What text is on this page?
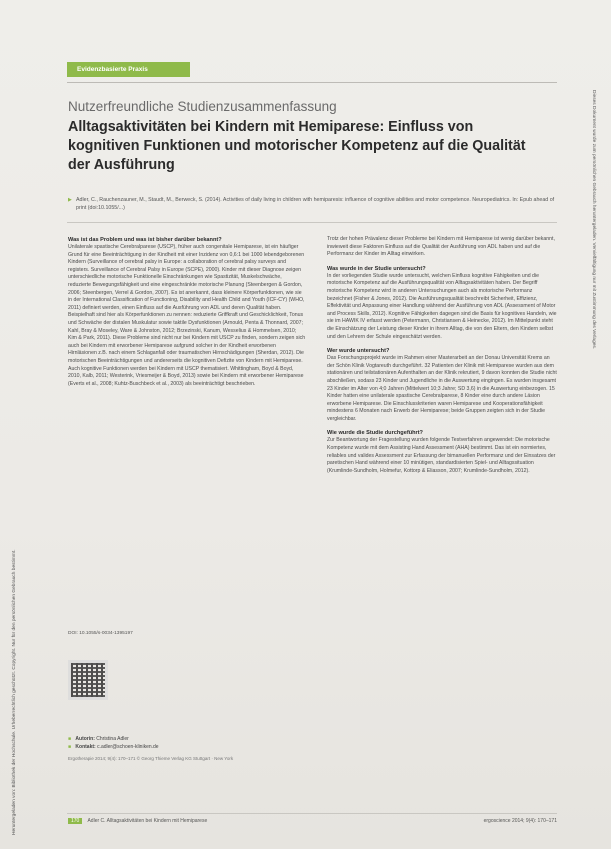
Evidenzbasierte Praxis
Nutzerfreundliche Studienzusammenfassung
Alltagsaktivitäten bei Kindern mit Hemiparese: Einfluss von kognitiven Funktionen und motorischer Kompetenz auf die Qualität der Ausführung
▶ Adler, C., Rauchenzauner, M., Staudt, M., Berweck, S. (2014). Activities of daily living in children with hemiparesis: influence of cognitive abilities and motor competence. Neuropediatrics. In: Epub ahead of print (doi:10.1055/...)
Was ist das Problem und was ist bisher darüber bekannt?

Unilaterale spastische Cerebralparese (USCP), früher auch congenitale Hemiparese, ist ein häufiger Grund für eine Beeinträchtigung in der Kindheit mit einer Inzidenz von 0,6:1 bei 1000 lebendgeborenen Kindern (Surveillance of cerebral palsy in Europe: a collaboration of cerebral palsy surveys and registers. Surveillance of Cerebral Palsy in Europe (SCPE), 2000). Kinder mit dieser Diagnose zeigen unterschiedliche motorische Funktionelle Einschränkungen wie Spastizität, Muskelschwäche, reduzierte Bewegungsfähigkeit und eine eingeschränkte motorische Planung (Steenbergen & Gordon, 2006; Steenbergen, Verrel & Gordon, 2007). Es ist anerkannt, dass kleinere Körperfunktionen, wie sie in der International Classification of Functioning, Disability and Health Child and Youth (ICF-CY) (WHO, 2011) definiert werden, einen Einfluss auf die Ausführung von ADL und deren Qualität haben. Beispielhaft sind hier als Körperfunktionen zu nennen: reduzierte Griffkraft und Geschicklichkeit, Tonus und Schwäche der distalen Muskulatur sowie taktile Dysfunktionen (Arnould, Penta & Thonnard, 2007; Kahl, Bray & Moseley, Ware & Johnston, 2012; Brzezinski, Kanum, Wesselius & Hommelsen, 2010; Kim & Park, 2011). Diese Probleme sind nicht nur bei Kindern mit USCP zu finden, sondern zeigen sich auch bei Kindern mit erworbener Hemiparese aufgrund solcher in der Kindheit erworbenen Hirnläsionen z.B. nach einem Schlaganfall oder traumatischen Hirnschädigungen (Sherdan, 2012). Die motorischen Beeinträchtigungen und andererseits die kognitiven Defizite von Kindern mit Hemiparese. Auch kognitive Funktionen werden bei Kindern mit USCP thematisiert. Whittingham, Boyd & Boyd, 2010, Kalb, 2011; Westerink, Vriesmeijer & Boyd, 2013) sowie bei Kindern mit erworbener Hemiparese (Everts et al., 2008; Kuhtz-Buschbeck et al., 2003) als beeinträchtigt beschrieben.

Trotz der hohen Prävalenz dieser Probleme bei Kindern mit Hemiparese ist wenig darüber bekannt, inwieweit diese Faktoren Einfluss auf die Qualität der Ausführung von ADL haben und auf die Performanz der Kinder im Alltag einwirken.

Was wurde in der Studie untersucht?

In der vorliegenden Studie wurde untersucht, welchen Einfluss kognitive Fähigkeiten und die motorische Kompetenz auf die Ausführungsqualität von Alltagsaktivitäten haben. Der Begriff motorische Kompetenz wird in anderen Untersuchungen auch als motorische Performanz bezeichnet (Fisher & Jones, 2012). Die Ausführungsqualität beschreibt Sicherheit, Effizienz, Effektivität und Anpassung einer Handlung während der Ausführung von ADL (Assessment of Motor and Process Skills, 2012). Kognitive Fähigkeiten dagegen sind die Basis für kognitives Handeln, wie sie im HAWIK IV erfasst werden (Petermann, Christiansen & Heinecke, 2012). Im Mittelpunkt steht die Einschätzung der Leistung dieser Kinder in ihrem Alltag, die von den Eltern, den Kindern selbst und den Lehrern der Schule eingeschätzt werden.

Wer wurde untersucht?

Das Forschungsprojekt wurde im Rahmen einer Masterarbeit an der Donau Universität Krems an der Schön Klinik Vogtareuth durchgeführt. 32 Patienten der Klinik mit Hemiparese wurden aus dem stationären und teilstationären Aufenthalten an der Klinik rekrutiert, 9 davon konnten die Studie nicht abschließen, sodass 23 Kinder und Jugendliche in die Auswertung eingingen. Es wurden insgesamt 23 Kinder im Alter von 4;0 Jahren (Mittelwert 10;3 Jahre; SD 3,6) in die Auswertung einbezogen. 15 Kinder hatten eine unilaterale spastische Cerebralparese, 8 Kinder eine durch andere Läsion erworbene Hemiparese. Die Einschlusskriterien waren Hemiparese und Kooperationsfähigkeit mindestens 6 Monaten nach Erwerb der Hemiparese; beide Gruppen zeigten sich in der Studie vergleichbar.

Wie wurde die Studie durchgeführt?

Zur Beantwortung der Fragestellung wurden folgende Testverfahren angewendet: Die motorische Kompetenz wurde mit dem Assisting Hand Assessment (AHA) bestimmt. Das ist ein normiertes, reliables und valides Assessment zur Erfassung der bimanuellen Performanz und der Einsatzes der paretischen Hand während einer 10 minütigen, standardisierten Spiel- und Alltagssituation (Krumlinde-Sundholm, Holmefur, Kottorp & Eliasson, 2007; Krumlinde-Sundholm, 2012).

DOI: 10.1055/s-0034-1395197
■ Autorin: Christina Adler
■ Kontakt: c.adler@schoen-kliniken.de
Ergotherapie 2014; 9(4): 170–171 © Georg Thieme Verlag KG Stuttgart · New York
170 Adler C. Alltagsaktivitäten bei Kindern mit Hemiparese	ergoscience 2014; 9(4): 170–171
Heruntergeladen von: Bibliothek der Hochschule. Urheberrechtlich geschützt. Copyright. Nur für den persönlichen Gebrauch bestimmt.
Dieses Dokument wurde zum persönlichen Gebrauch heruntergeladen. Vervielfältigung nur mit Zustimmung des Verlages.
